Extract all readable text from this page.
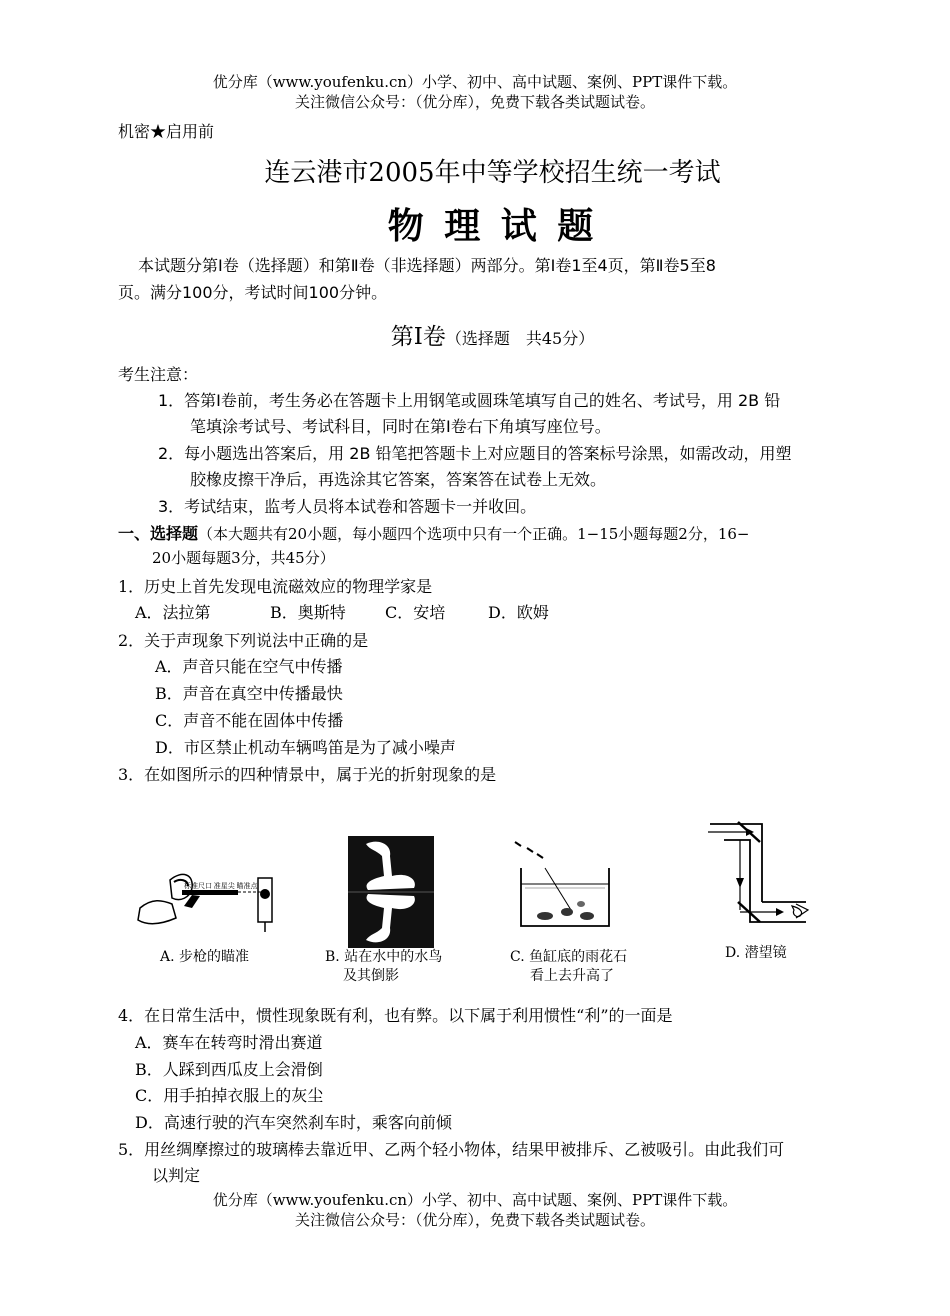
优分库（www.youfenku.cn）小学、初中、高中试题、案例、PPT课件下载。
关注微信公众号：（优分库），免费下载各类试题试卷。
机密★启用前
连云港市2005年中等学校招生统一考试
物 理 试 题
本试题分第Ⅰ卷（选择题）和第Ⅱ卷（非选择题）两部分。第Ⅰ卷1至4页，第Ⅱ卷5至8
页。满分100分，考试时间100分钟。
第Ⅰ卷（选择题　共45分）
考生注意：
1．答第Ⅰ卷前，考生务必在答题卡上用钢笔或圆珠笔填写自己的姓名、考试号，用 2B 铅
笔填涂考试号、考试科目，同时在第Ⅰ卷右下角填写座位号。
2．每小题选出答案后，用 2B 铅笔把答题卡上对应题目的答案标号涂黑，如需改动，用塑
胶橡皮擦干净后，再选涂其它答案，答案答在试卷上无效。
3．考试结束，监考人员将本试卷和答题卡一并收回。
一、选择题（本大题共有20小题，每小题四个选项中只有一个正确。1−15小题每题2分，16−
20小题每题3分，共45分）
1．历史上首先发现电流磁效应的物理学家是
A．法拉第	B．奥斯特 C．安培	D．欧姆
2．关于声现象下列说法中正确的是
A．声音只能在空气中传播
B．声音在真空中传播最快
C．声音不能在固体中传播
D．市区禁止机动车辆鸣笛是为了减小噪声
3．在如图所示的四种情景中，属于光的折射现象的是
标准尺口 准星尖 瞄准点
A. 步枪的瞄准	B. 站在水中的水鸟
及其倒影
C. 鱼缸底的雨花石
看上去升高了
D. 潜望镜
4．在日常生活中，惯性现象既有利，也有弊。以下属于利用惯性“利”的一面是
A．赛车在转弯时滑出赛道
B．人踩到西瓜皮上会滑倒
C．用手拍掉衣服上的灰尘
D．高速行驶的汽车突然刹车时，乘客向前倾
5．用丝绸摩擦过的玻璃棒去靠近甲、乙两个轻小物体，结果甲被排斥、乙被吸引。由此我们可
以判定
优分库（www.youfenku.cn）小学、初中、高中试题、案例、PPT课件下载。
关注微信公众号：（优分库），免费下载各类试题试卷。
